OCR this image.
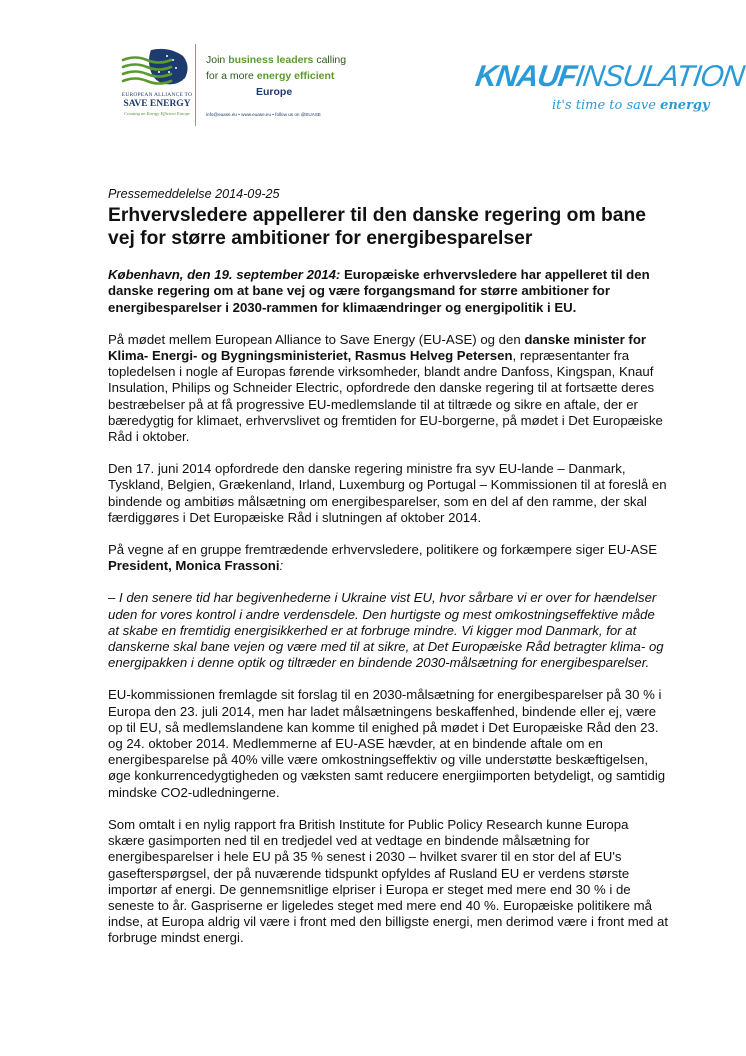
EUROPEAN ALLIANCE TO
SAVE ENERGY
Creating an Energy Efficient Europe
Join business leaders calling
for a more energy efficient
Europe
info@euase.eu • www.euase.eu • follow us on @EUASE
KNAUFINSULATION
it's time to save energy
Pressemeddelelse 2014-09-25
Erhvervsledere appellerer til den danske regering om bane vej for større ambitioner for energibesparelser

København, den 19. september 2014: Europæiske erhvervsledere har appelleret til den danske regering om at bane vej og være forgangsmand for større ambitioner for energibesparelser i 2030-rammen for klimaændringer og energipolitik i EU.

På mødet mellem European Alliance to Save Energy (EU-ASE) og den danske minister for Klima- Energi- og Bygningsministeriet, Rasmus Helveg Petersen, repræsentanter fra topledelsen i nogle af Europas førende virksomheder, blandt andre Danfoss, Kingspan, Knauf Insulation, Philips og Schneider Electric, opfordrede den danske regering til at fortsætte deres bestræbelser på at få progressive EU-medlemslande til at tiltræde og sikre en aftale, der er bæredygtig for klimaet, erhvervslivet og fremtiden for EU-borgerne, på mødet i Det Europæiske Råd i oktober.

Den 17. juni 2014 opfordrede den danske regering ministre fra syv EU-lande – Danmark, Tyskland, Belgien, Grækenland, Irland, Luxemburg og Portugal – Kommissionen til at foreslå en bindende og ambitiøs målsætning om energibesparelser, som en del af den ramme, der skal færdiggøres i Det Europæiske Råd i slutningen af oktober 2014.

På vegne af en gruppe fremtrædende erhvervsledere, politikere og forkæmpere siger EU-ASE President, Monica Frassoni:

– I den senere tid har begivenhederne i Ukraine vist EU, hvor sårbare vi er over for hændelser uden for vores kontrol i andre verdensdele. Den hurtigste og mest omkostningseffektive måde at skabe en fremtidig energisikkerhed er at forbruge mindre. Vi kigger mod Danmark, for at danskerne skal bane vejen og være med til at sikre, at Det Europæiske Råd betragter klima- og energipakken i denne optik og tiltræder en bindende 2030-målsætning for energibesparelser.

EU-kommissionen fremlagde sit forslag til en 2030-målsætning for energibesparelser på 30 % i Europa den 23. juli 2014, men har ladet målsætningens beskaffenhed, bindende eller ej, være op til EU, så medlemslandene kan komme til enighed på mødet i Det Europæiske Råd den 23. og 24. oktober 2014. Medlemmerne af EU-ASE hævder, at en bindende aftale om en energibesparelse på 40% ville være omkostningseffektiv og ville understøtte beskæftigelsen, øge konkurrencedygtigheden og væksten samt reducere energiimporten betydeligt, og samtidig mindske CO2-udledningerne.

Som omtalt i en nylig rapport fra British Institute for Public Policy Research kunne Europa skære gasimporten ned til en tredjedel ved at vedtage en bindende målsætning for energibesparelser i hele EU på 35 % senest i 2030 – hvilket svarer til en stor del af EU's gasefterspørgsel, der på nuværende tidspunkt opfyldes af Rusland EU er verdens største importør af energi. De gennemsnitlige elpriser i Europa er steget med mere end 30 % i de seneste to år. Gaspriserne er ligeledes steget med mere end 40 %. Europæiske politikere må indse, at Europa aldrig vil være i front med den billigste energi, men derimod være i front med at forbruge mindst energi.
